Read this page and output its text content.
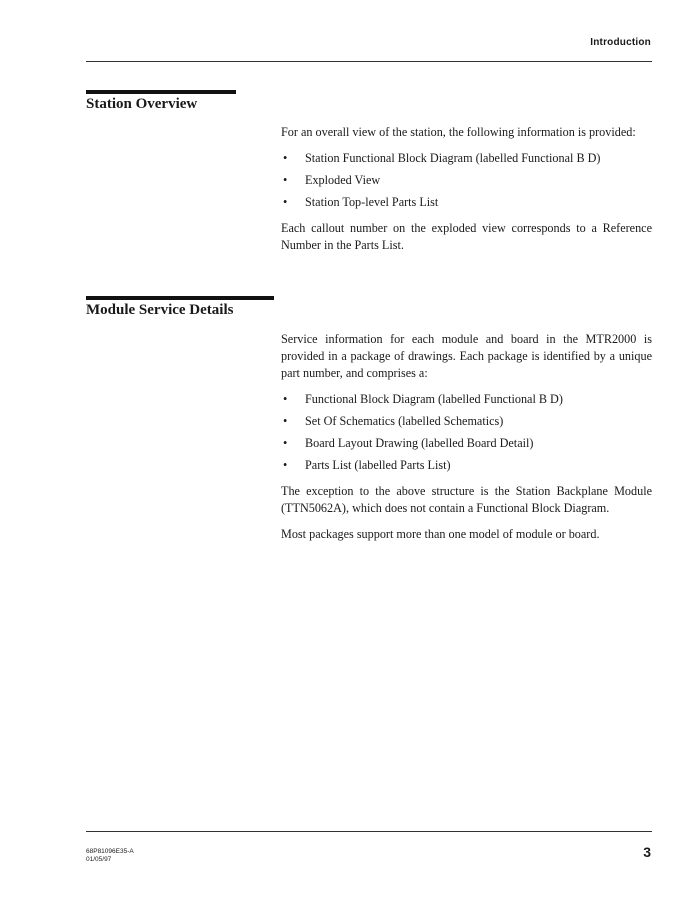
Introduction
Station Overview

For an overall view of the station, the following information is provided:

• Station Functional Block Diagram (labelled Functional B D)
• Exploded View
• Station Top-level Parts List

Each callout number on the exploded view corresponds to a Reference Number in the Parts List.

Module Service Details

Service information for each module and board in the MTR2000 is provided in a package of drawings. Each package is identified by a unique part number, and comprises a:

• Functional Block Diagram (labelled Functional B D)
• Set Of Schematics (labelled Schematics)
• Board Layout Drawing (labelled Board Detail)
• Parts List (labelled Parts List)

The exception to the above structure is the Station Backplane Module (TTN5062A), which does not contain a Functional Block Diagram.

Most packages support more than one model of module or board.

68P81096E35-A
01/05/97	3
